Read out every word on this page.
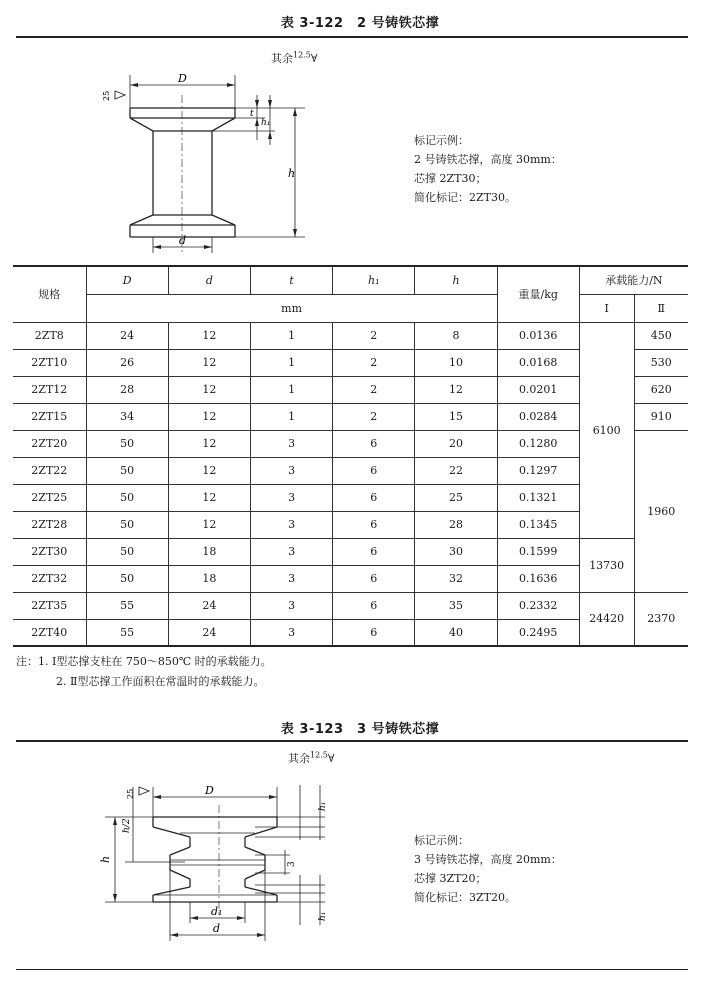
表 3-122　2 号铸铁芯撑
其余$^{12.5}$∀
D
d
t
h₁
h
25
标记示例：
2 号铸铁芯撑，高度 30mm：
芯撑 2ZT30；
简化标记：2ZT30。
规格	D	d	t	h₁	h	重量/kg	承载能力/N	
	mm						Ⅰ	Ⅱ
2ZT8	24	12	1	2	8	0.0136	6100	450
2ZT10	26	12	1	2	10	0.0168		530
2ZT12	28	12	1	2	12	0.0201		620
2ZT15	34	12	1	2	15	0.0284		910
2ZT20	50	12	3	6	20	0.1280		1960
2ZT22	50	12	3	6	22	0.1297		
2ZT25	50	12	3	6	25	0.1321		
2ZT28	50	12	3	6	28	0.1345		
2ZT30	50	18	3	6	30	0.1599	13730	
2ZT32	50	18	3	6	32	0.1636		
2ZT35	55	24	3	6	35	0.2332	24420	2370
2ZT40	55	24	3	6	40	0.2495		
注：1. Ⅰ型芯撑支柱在 750～850℃ 时的承载能力。
2. Ⅱ型芯撑工作面积在常温时的承载能力。
表 3-123　3 号铸铁芯撑
其余$^{12.5}$∀
D
d
d₁
h
h/2
h₁
h₁
3
25
标记示例：
3 号铸铁芯撑，高度 20mm：
芯撑 3ZT20；
简化标记：3ZT20。
